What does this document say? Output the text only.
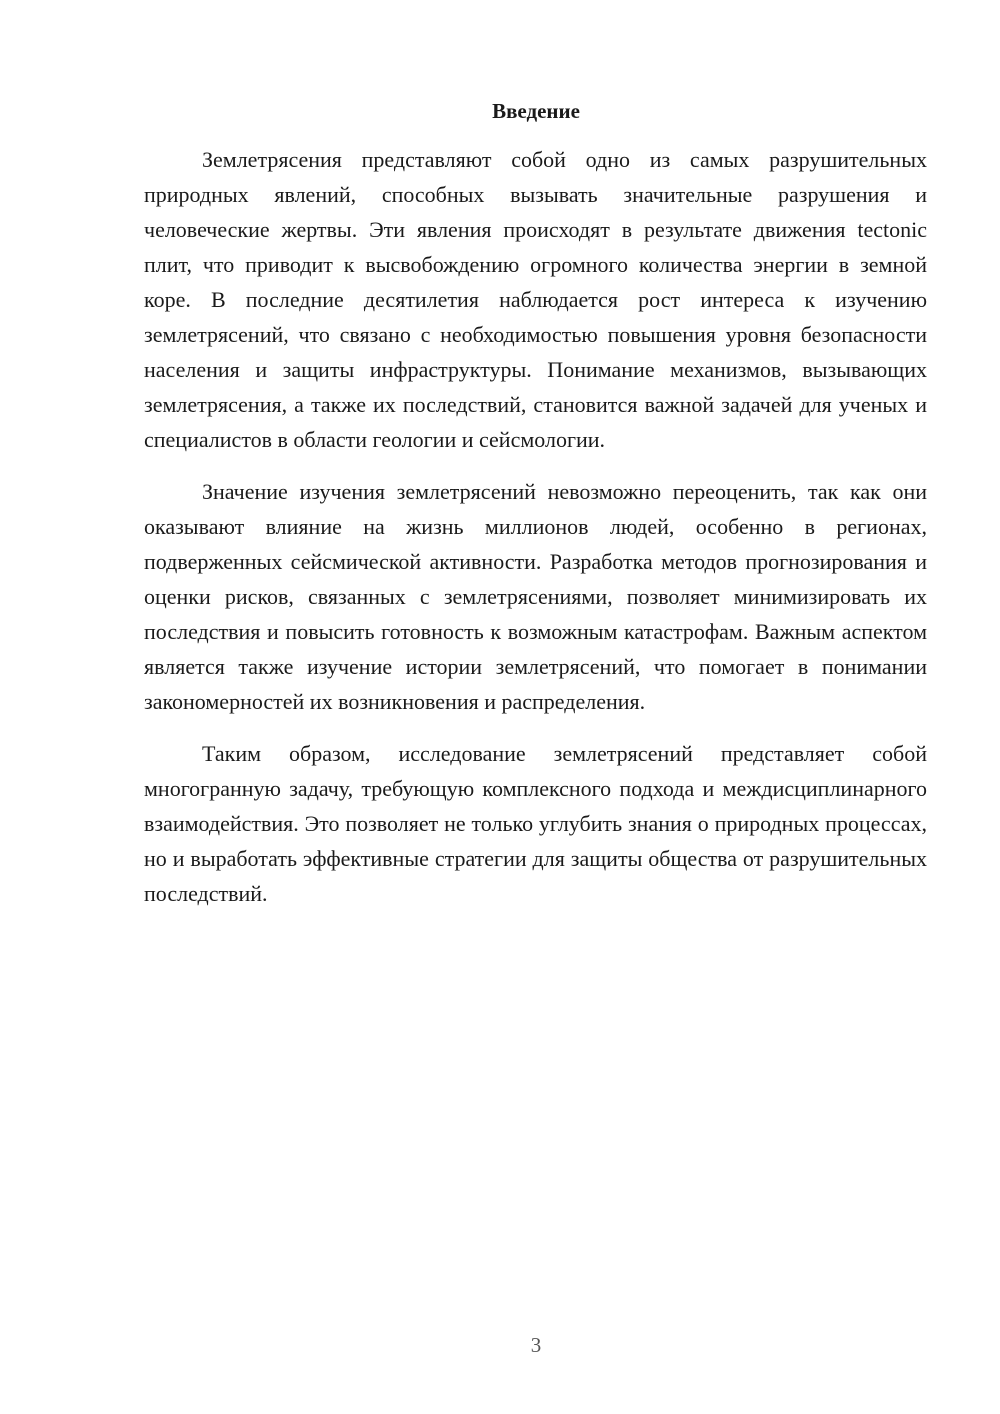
Введение

Землетрясения представляют собой одно из самых разрушительных природных явлений, способных вызывать значительные разрушения и человеческие жертвы. Эти явления происходят в результате движения tectonic плит, что приводит к высвобождению огромного количества энергии в земной коре. В последние десятилетия наблюдается рост интереса к изучению землетрясений, что связано с необходимостью повышения уровня безопасности населения и защиты инфраструктуры. Понимание механизмов, вызывающих землетрясения, а также их последствий, становится важной задачей для ученых и специалистов в области геологии и сейсмологии.

Значение изучения землетрясений невозможно переоценить, так как они оказывают влияние на жизнь миллионов людей, особенно в регионах, подверженных сейсмической активности. Разработка методов прогнозирования и оценки рисков, связанных с землетрясениями, позволяет минимизировать их последствия и повысить готовность к возможным катастрофам. Важным аспектом является также изучение истории землетрясений, что помогает в понимании закономерностей их возникновения и распределения.

Таким образом, исследование землетрясений представляет собой многогранную задачу, требующую комплексного подхода и междисциплинарного взаимодействия. Это позволяет не только углубить знания о природных процессах, но и выработать эффективные стратегии для защиты общества от разрушительных последствий.

3
